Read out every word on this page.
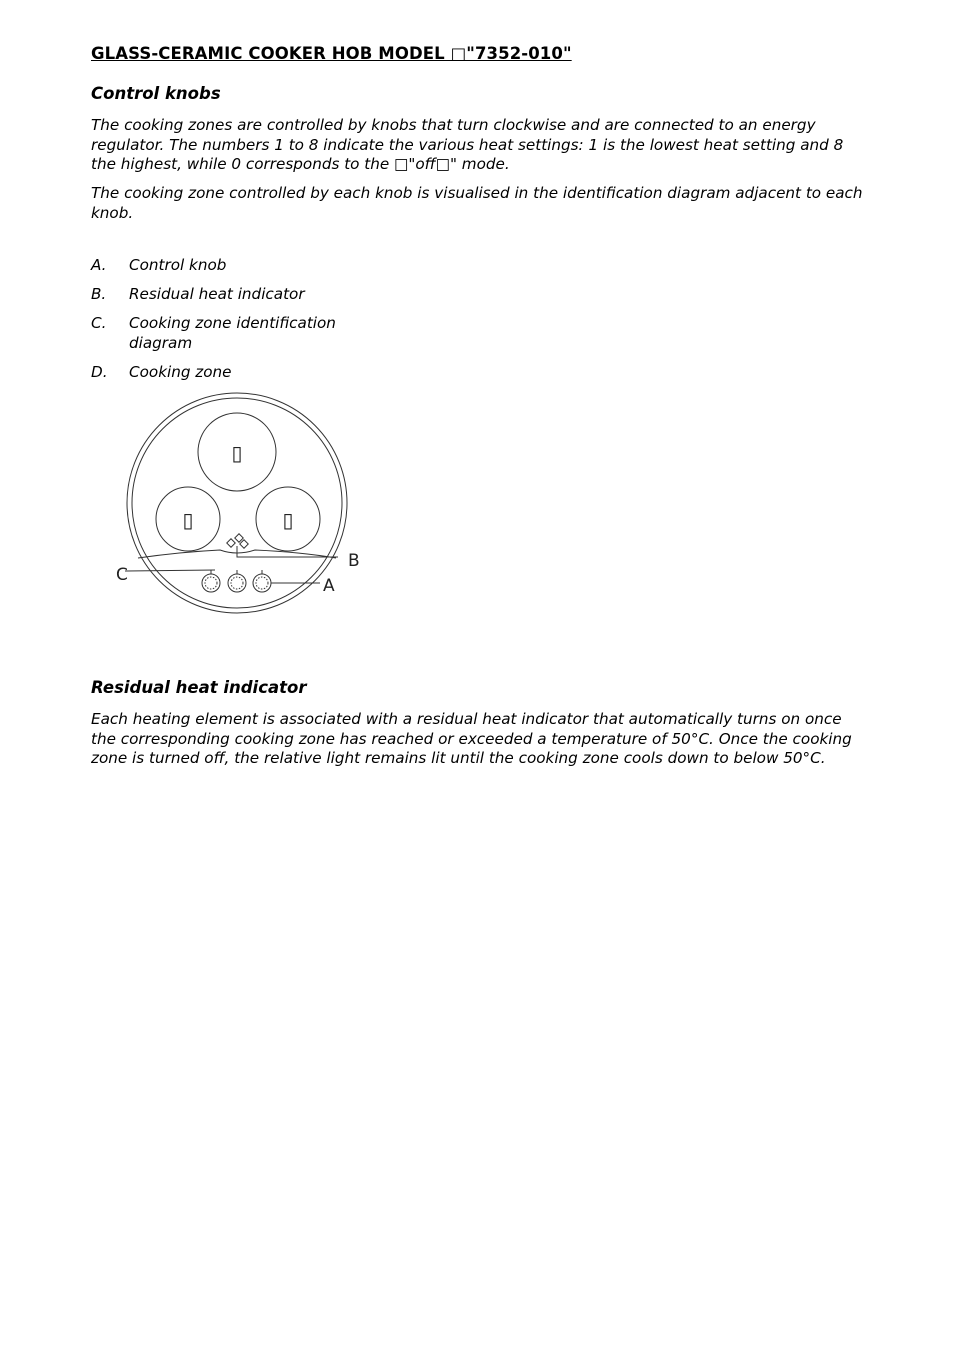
GLASS-CERAMIC COOKER HOB MODEL □"7352-010"
Control knobs

The cooking zones are controlled by knobs that turn clockwise and are connected to an energy regulator. The numbers 1 to 8 indicate the various heat settings: 1 is the lowest heat setting and 8 the highest, while 0 corresponds to the □"off□" mode.

The cooking zone controlled by each knob is visualised in the identification diagram adjacent to each knob.

A. Control knob
B. Residual heat indicator
C. Cooking zone identification diagram
D. Cooking zone
Residual heat indicator

Each heating element is associated with a residual heat indicator that automatically turns on once the corresponding cooking zone has reached or exceeded a temperature of 50°C. Once the cooking zone is turned off, the relative light remains lit until the cooking zone cools down to below 50°C.

▯
▯	▯
B
A
C
